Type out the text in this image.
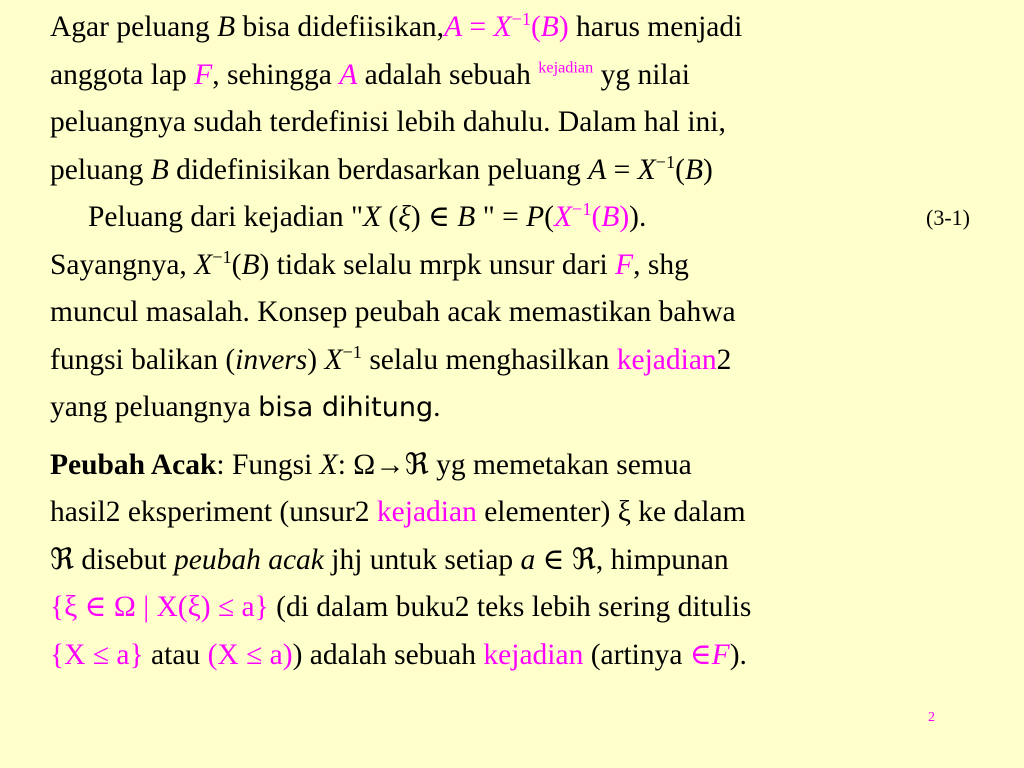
Agar peluang B bisa didefiisikan,A = $X^{-1}(B)$ harus menjadi
anggota lap F, sehingga A adalah sebuah $^{kejadian}$ yg nilai
peluangnya sudah terdefinisi lebih dahulu. Dalam hal ini,
peluang B didefinisikan berdasarkan peluang $A = X^{-1}(B)$
Peluang dari kejadian "X (ξ) ∈ B " = $P(X^{-1}(B))$.	(3-1)
Sayangnya, $X^{-1}(B)$ tidak selalu mrpk unsur dari F, shg
muncul masalah. Konsep peubah acak memastikan bahwa
fungsi balikan (invers) $X^{-1}$ selalu menghasilkan kejadian2
yang peluangnya bisa dihitung.
Peubah Acak: Fungsi X: Ω→ℜ yg memetakan semua
hasil2 eksperiment (unsur2 kejadian elementer) ξ ke dalam
ℜ disebut peubah acak jhj untuk setiap a ∈ ℜ, himpunan
{ξ ∈ Ω | X(ξ) ≤ a} (di dalam buku2 teks lebih sering ditulis
{X ≤ a} atau (X ≤ a)) adalah sebuah kejadian (artinya ∈F).
2
